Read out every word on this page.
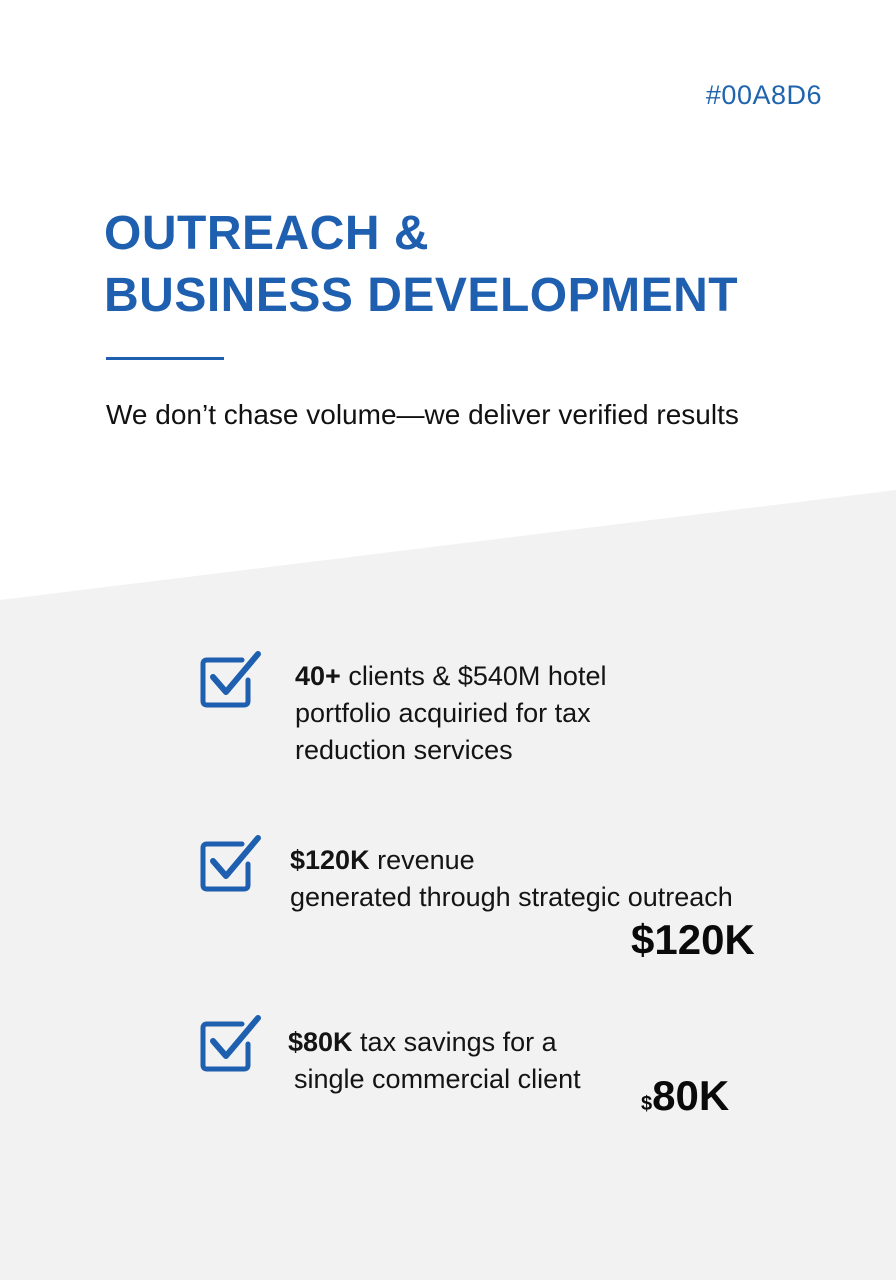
#00A8D6
OUTREACH &
BUSINESS DEVELOPMENT
We don’t chase volume—we deliver verified results
40+ clients & $540M hotel
portfolio acquiried for tax
reduction services
$120K revenue
generated through strategic outreach
$120K
$80K tax savings for a
single commercial client
$80K
